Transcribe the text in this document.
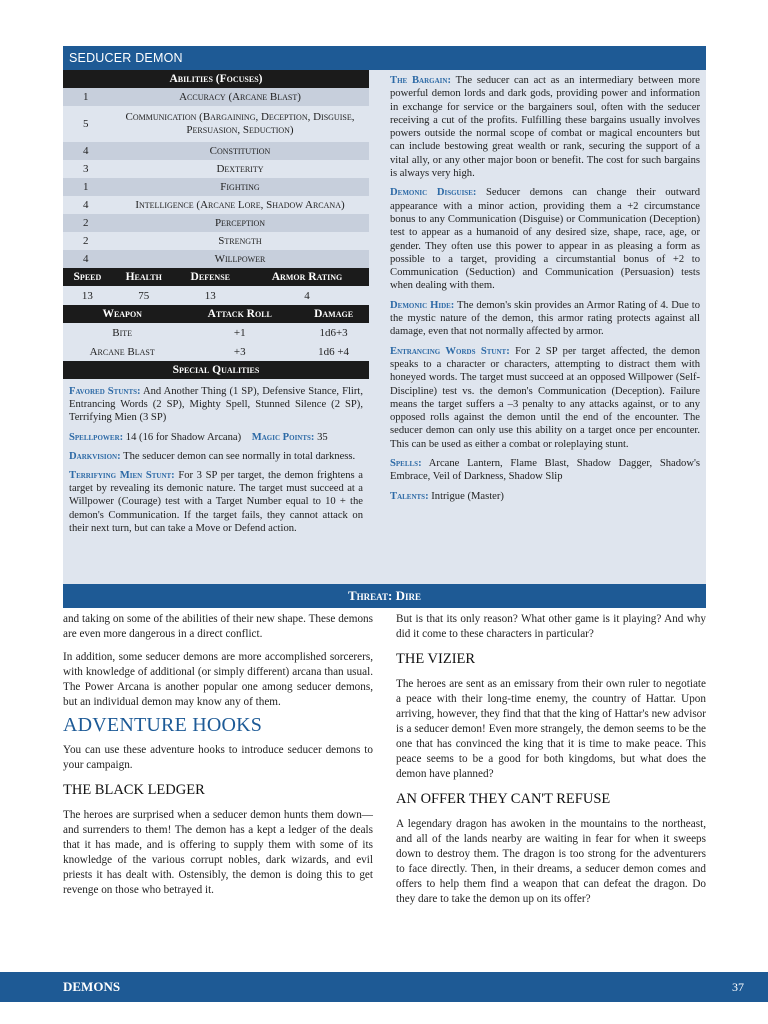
SEDUCER DEMON
Abilities (Focuses)	
1	Accuracy (Arcane Blast)
5	Communication (Bargaining, Deception, Disguise, Persuasion, Seduction)
4	Constitution
3	Dexterity
1	Fighting
4	Intelligence (Arcane Lore, Shadow Arcana)
2	Perception
2	Strength
4	Willpower
Speed	Health	Defense	Armor Rating
13	75	13	4
Weapon	Attack Roll	Damage
Bite	+1	1d6+3
Arcane Blast	+3	1d6 +4
Special Qualities		

Favored Stunts: And Another Thing (1 SP), Defensive Stance, Flirt, Entrancing Words (2 SP), Mighty Spell, Stunned Silence (2 SP), Terrifying Mien (3 SP)

Spellpower: 14 (16 for Shadow Arcana) Magic Points: 35

Darkvision: The seducer demon can see normally in total darkness.

Terrifying Mien Stunt: For 3 SP per target, the demon frightens a target by revealing its demonic nature. The target must succeed at a Willpower (Courage) test with a Target Number equal to 10 + the demon's Communication. If the target fails, they cannot attack on their next turn, but can take a Move or Defend action.

The Bargain: The seducer can act as an intermediary between more powerful demon lords and dark gods, providing power and information in exchange for service or the bargainers soul, often with the seducer receiving a cut of the profits. Fulfilling these bargains usually involves powers outside the normal scope of combat or magical encounters but can include bestowing great wealth or rank, securing the support of a vital ally, or any other major boon or benefit. The cost for such bargains is always very high.

Demonic Disguise: Seducer demons can change their outward appearance with a minor action, providing them a +2 circumstance bonus to any Communication (Disguise) or Communication (Deception) test to appear as a humanoid of any desired size, shape, race, age, or gender. They often use this power to appear in as pleasing a form as possible to a target, providing a circumstantial bonus of +2 to Communication (Seduction) and Communication (Persuasion) tests when dealing with them.

Demonic Hide: The demon's skin provides an Armor Rating of 4. Due to the mystic nature of the demon, this armor rating protects against all damage, even that not normally affected by armor.

Entrancing Words Stunt: For 2 SP per target affected, the demon speaks to a character or characters, attempting to distract them with honeyed words. The target must succeed at an opposed Willpower (Self-Discipline) test vs. the demon's Communication (Deception). Failure means the target suffers a –3 penalty to any attacks against, or to any opposed rolls against the demon until the end of the encounter. The seducer demon can only use this ability on a target once per encounter. This can be used as either a combat or roleplaying stunt.

Spells: Arcane Lantern, Flame Blast, Shadow Dagger, Shadow's Embrace, Veil of Darkness, Shadow Slip

Talents: Intrigue (Master)

Threat: Dire

and taking on some of the abilities of their new shape. These demons are even more dangerous in a direct conflict.

In addition, some seducer demons are more accomplished sorcerers, with knowledge of additional (or simply different) arcana than usual. The Power Arcana is another popular one among seducer demons, but an individual demon may know any of them.

ADVENTURE HOOKS

You can use these adventure hooks to introduce seducer demons to your campaign.

THE BLACK LEDGER

The heroes are surprised when a seducer demon hunts them down—and surrenders to them! The demon has a kept a ledger of the deals that it has made, and is offering to supply them with some of its knowledge of the various corrupt nobles, dark wizards, and evil priests it has dealt with. Ostensibly, the demon is doing this to get revenge on those who betrayed it.

But is that its only reason? What other game is it playing? And why did it come to these characters in particular?

THE VIZIER

The heroes are sent as an emissary from their own ruler to negotiate a peace with their long-time enemy, the country of Hattar. Upon arriving, however, they find that that the king of Hattar's new advisor is a seducer demon! Even more strangely, the demon seems to be the one that has convinced the king that it is time to make peace. This peace seems to be a good for both kingdoms, but what does the demon have planned?

AN OFFER THEY CAN'T REFUSE

A legendary dragon has awoken in the mountains to the northeast, and all of the lands nearby are waiting in fear for when it sweeps down to destroy them. The dragon is too strong for the adventurers to face directly. Then, in their dreams, a seducer demon comes and offers to help them find a weapon that can defeat the dragon. Do they dare to take the demon up on its offer?

DEMONS	37
